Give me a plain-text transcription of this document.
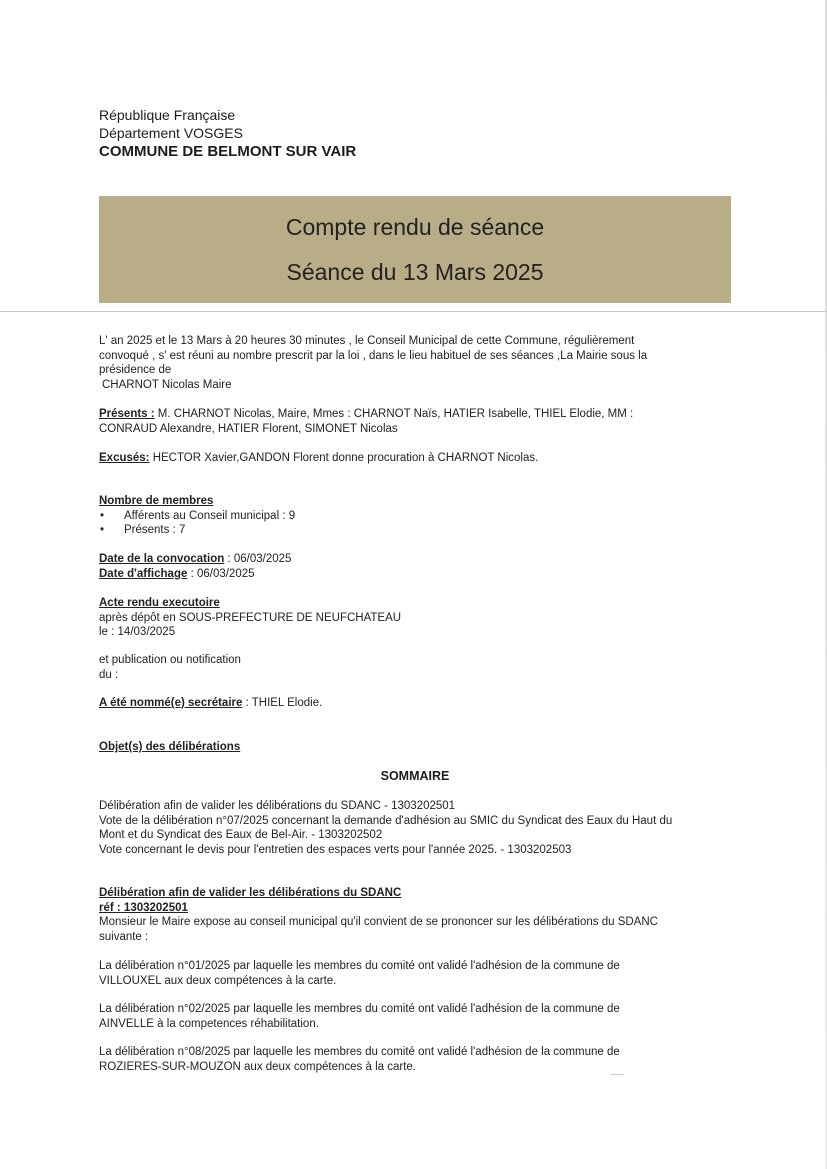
République Française
Département VOSGES
COMMUNE DE BELMONT SUR VAIR
Compte rendu de séance
Séance du 13 Mars 2025
L' an 2025 et le 13 Mars à 20 heures 30 minutes , le Conseil Municipal de cette Commune, régulièrement
convoqué , s' est réuni au nombre prescrit par la loi , dans le lieu habituel de ses séances ,La Mairie sous la
présidence de
CHARNOT Nicolas Maire
Présents : M. CHARNOT Nicolas, Maire, Mmes : CHARNOT Naïs, HATIER Isabelle, THIEL Elodie, MM :
CONRAUD Alexandre, HATIER Florent, SIMONET Nicolas
Excusés: HECTOR Xavier,GANDON Florent donne procuration à CHARNOT Nicolas.
Nombre de membres
• Afférents au Conseil municipal : 9
• Présents : 7
Date de la convocation : 06/03/2025
Date d'affichage : 06/03/2025
Acte rendu executoire
après dépôt en SOUS-PREFECTURE DE NEUFCHATEAU
le : 14/03/2025
et publication ou notification
du :
A été nommé(e) secrétaire : THIEL Elodie.
Objet(s) des délibérations
SOMMAIRE
Délibération afin de valider les délibérations du SDANC - 1303202501
Vote de la délibération n°07/2025 concernant la demande d'adhésion au SMIC du Syndicat des Eaux du Haut du
Mont et du Syndicat des Eaux de Bel-Air. - 1303202502
Vote concernant le devis pour l'entretien des espaces verts pour l'année 2025. - 1303202503
Délibération afin de valider les délibérations du SDANC
réf : 1303202501
Monsieur le Maire expose au conseil municipal qu'il convient de se prononcer sur les délibérations du SDANC
suivante :
La délibération n°01/2025 par laquelle les membres du comité ont validé l'adhésion de la commune de
VILLOUXEL aux deux compétences à la carte.
La délibération n°02/2025 par laquelle les membres du comité ont validé l'adhésion de la commune de
AINVELLE à la competences réhabilitation.
La délibération n°08/2025 par laquelle les membres du comité ont validé l'adhésion de la commune de
ROZIERES-SUR-MOUZON aux deux compétences à la carte.
